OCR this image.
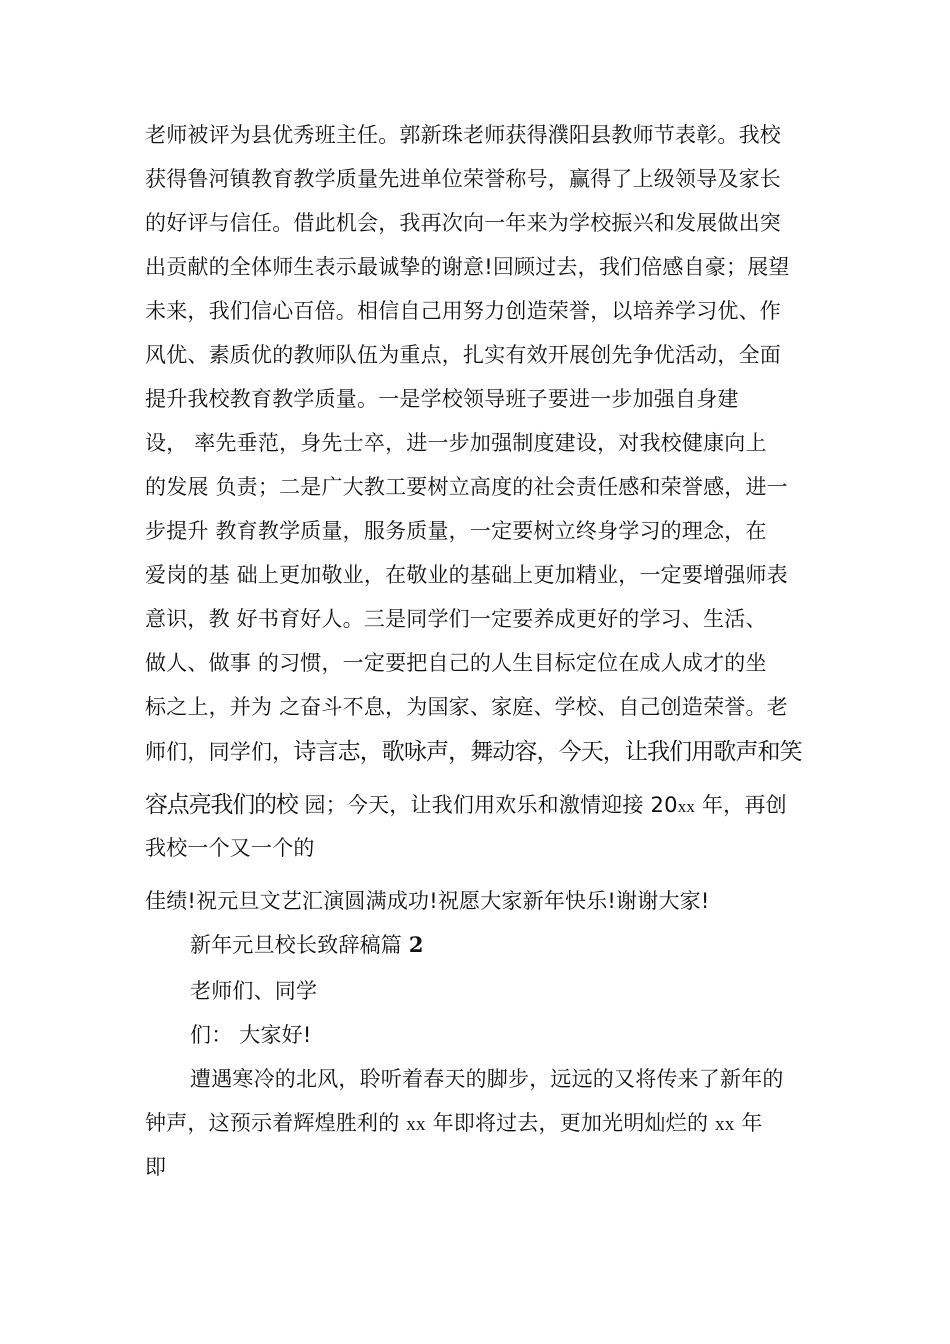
老师被评为县优秀班主任。郭新珠老师获得濮阳县教师节表彰。我校
获得鲁河镇教育教学质量先进单位荣誉称号，赢得了上级领导及家长
的好评与信任。借此机会，我再次向一年来为学校振兴和发展做出突
出贡献的全体师生表示最诚挚的谢意!回顾过去，我们倍感自豪；展望
未来，我们信心百倍。相信自己用努力创造荣誉，以培养学习优、作
风优、素质优的教师队伍为重点，扎实有效开展创先争优活动，全面
提升我校教育教学质量。一是学校领导班子要进一步加强自身建
设， 率先垂范，身先士卒，进一步加强制度建设，对我校健康向上
的发展 负责；二是广大教工要树立高度的社会责任感和荣誉感，进一
步提升 教育教学质量，服务质量，一定要树立终身学习的理念，在
爱岗的基 础上更加敬业，在敬业的基础上更加精业，一定要增强师表
意识，教 好书育好人。三是同学们一定要养成更好的学习、生活、
做人、做事 的习惯，一定要把自己的人生目标定位在成人成才的坐
标之上，并为 之奋斗不息，为国家、家庭、学校、自己创造荣誉。老
师们，同学们，诗言志，歌咏声，舞动容，今天，让我们用歌声和笑
容点亮我们的校 园；今天，让我们用欢乐和激情迎接 20xx 年，再创
我校一个又一个的
佳绩!祝元旦文艺汇演圆满成功!祝愿大家新年快乐!谢谢大家!
新年元旦校长致辞稿篇 2
老师们、同学
们： 大家好!
遭遇寒冷的北风，聆听着春天的脚步，远远的又将传来了新年的
钟声，这预示着辉煌胜利的 xx 年即将过去，更加光明灿烂的 xx 年
即
